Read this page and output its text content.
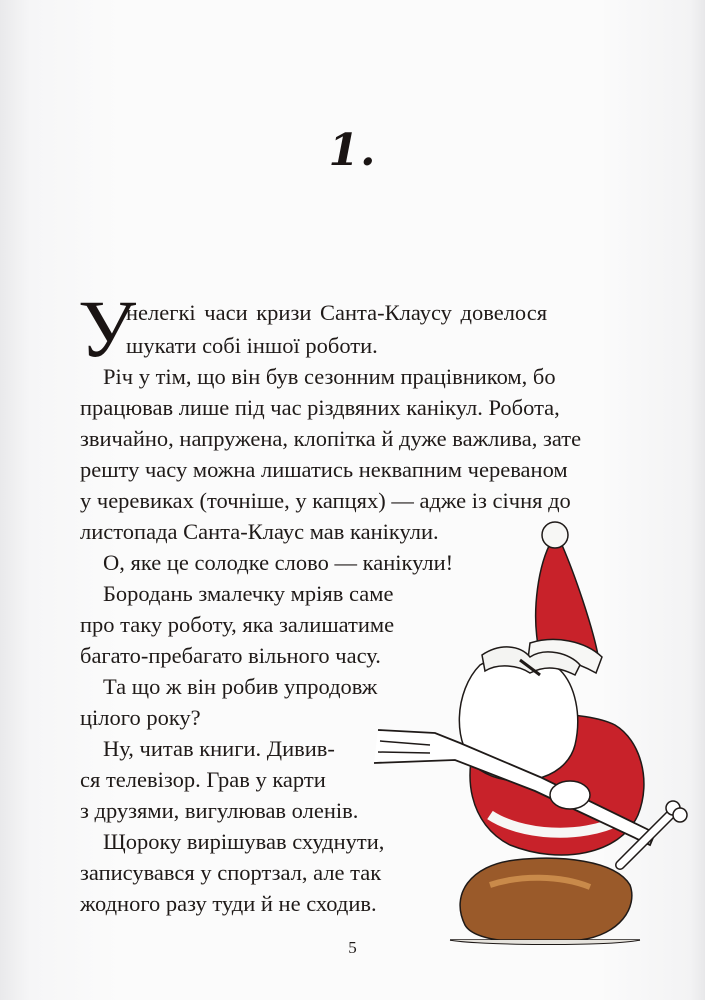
1.
У
нелегкі часи кризи Санта-Клаусу довелося
шукати собі іншої роботи.
Річ у тім, що він був сезонним працівником, бо
працював лише під час різдвяних канікул. Робота,
звичайно, напружена, клопітка й дуже важлива, зате
решту часу можна лишатись неквапним череваном
у черевиках (точніше, у капцях) — адже із січня до
листопада Санта-Клаус мав канікули.
О, яке це солодке слово — канікули!
Бородань змалечку мріяв саме
про таку роботу, яка залишатиме
багато-пребагато вільного часу.
Та що ж він робив упродовж
цілого року?
Ну, читав книги. Дивив-
ся телевізор. Грав у карти
з друзями, вигулював оленів.
Щороку вирішував схуднути,
записувався у спортзал, але так
жодного разу туди й не сходив.
5
